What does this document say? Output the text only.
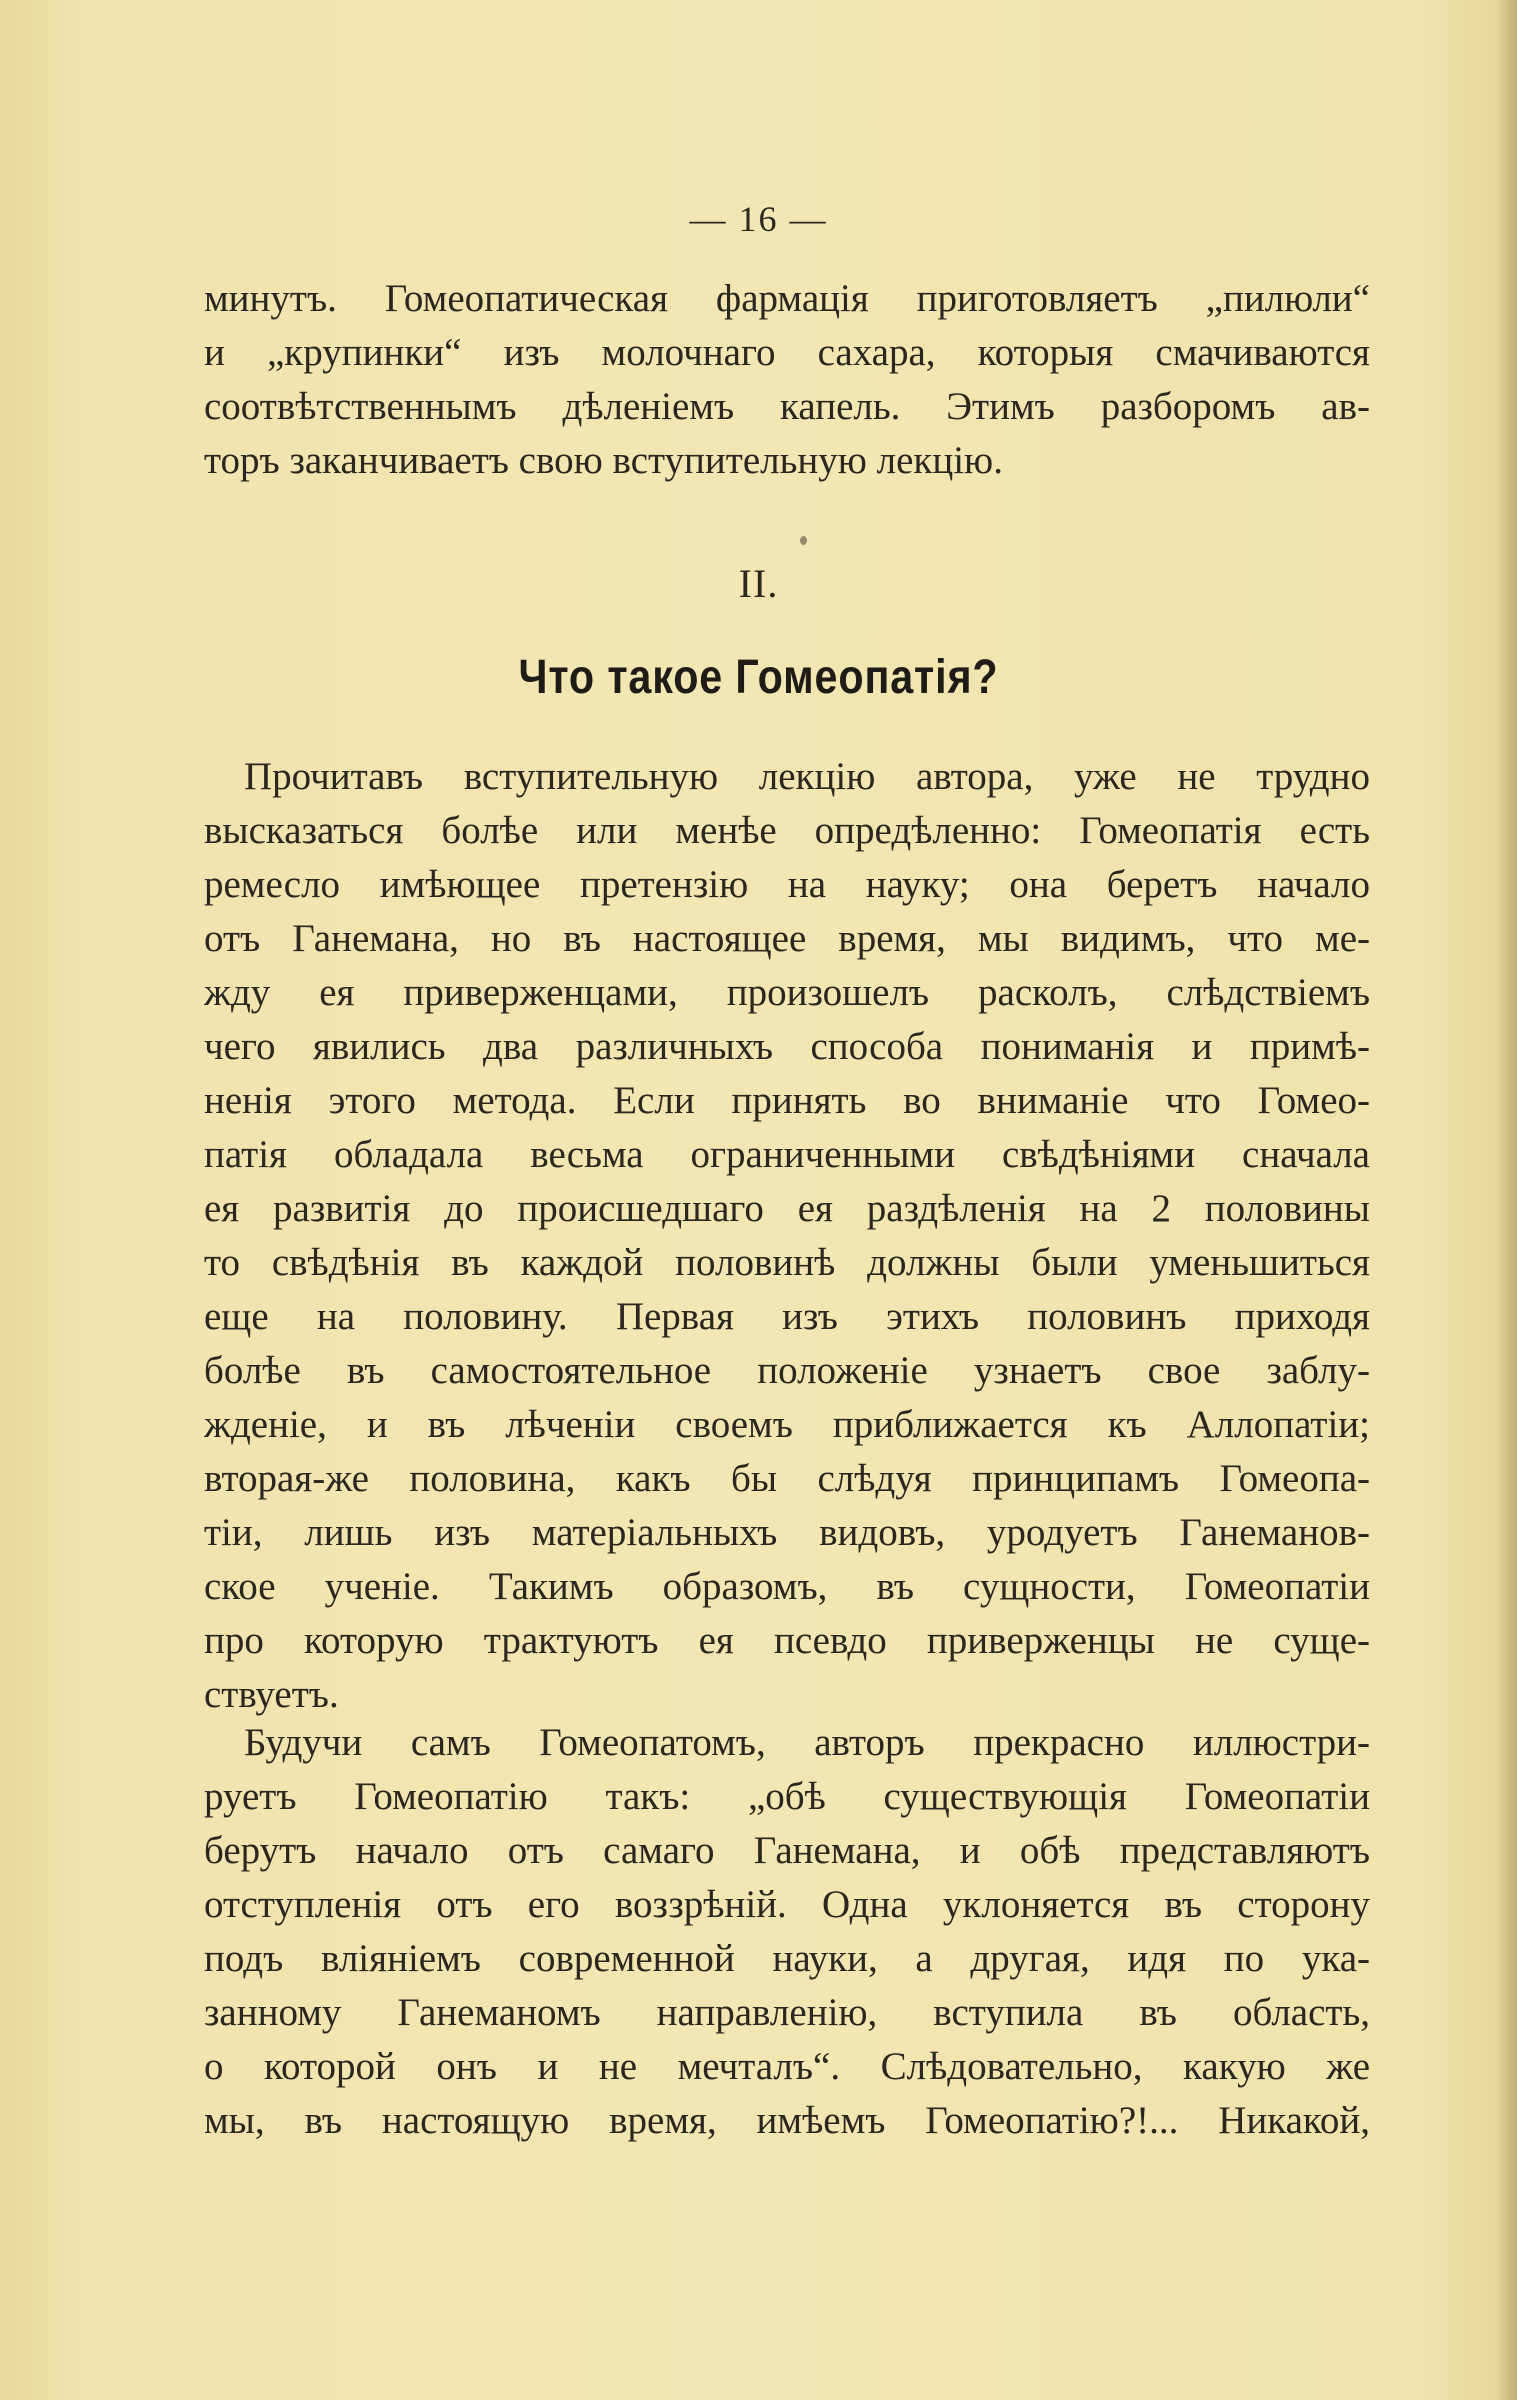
— 16 —
минутъ. Гомеопатическая фармація приготовляетъ „пилюли“
и „крупинки“ изъ молочнаго сахара, которыя смачиваются
соотвѣтственнымъ дѣленіемъ капель. Этимъ разборомъ ав-
торъ заканчиваетъ свою вступительную лекцію.
II.
Что такое Гомеопатія?
Прочитавъ вступительную лекцію автора, уже не трудно
высказаться болѣе или менѣе опредѣленно: Гомеопатія есть
ремесло имѣющее претензію на науку; она беретъ начало
отъ Ганемана, но въ настоящее время, мы видимъ, что ме-
жду ея приверженцами, произошелъ расколъ, слѣдствіемъ
чего явились два различныхъ способа пониманія и примѣ-
ненія этого метода. Если принять во вниманіе что Гомео-
патія обладала весьма ограниченными свѣдѣніями сначала
ея развитія до происшедшаго ея раздѣленія на 2 половины
то свѣдѣнія въ каждой половинѣ должны были уменьшиться
еще на половину. Первая изъ этихъ половинъ приходя
болѣе въ самостоятельное положеніе узнаетъ свое заблу-
жденіе, и въ лѣченіи своемъ приближается къ Аллопатіи;
вторая-же половина, какъ бы слѣдуя принципамъ Гомеопа-
тіи, лишь изъ матеріальныхъ видовъ, уродуетъ Ганеманов-
ское ученіе. Такимъ образомъ, въ сущности, Гомеопатіи
про которую трактуютъ ея псевдо приверженцы не суще-
ствуетъ.
Будучи самъ Гомеопатомъ, авторъ прекрасно иллюстри-
руетъ Гомеопатію такъ: „обѣ существующія Гомеопатіи
берутъ начало отъ самаго Ганемана, и обѣ представляютъ
отступленія отъ его воззрѣній. Одна уклоняется въ сторону
подъ вліяніемъ современной науки, а другая, идя по ука-
занному Ганеманомъ направленію, вступила въ область,
о которой онъ и не мечталъ“. Слѣдовательно, какую же
мы, въ настоящую время, имѣемъ Гомеопатію?!... Никакой,
